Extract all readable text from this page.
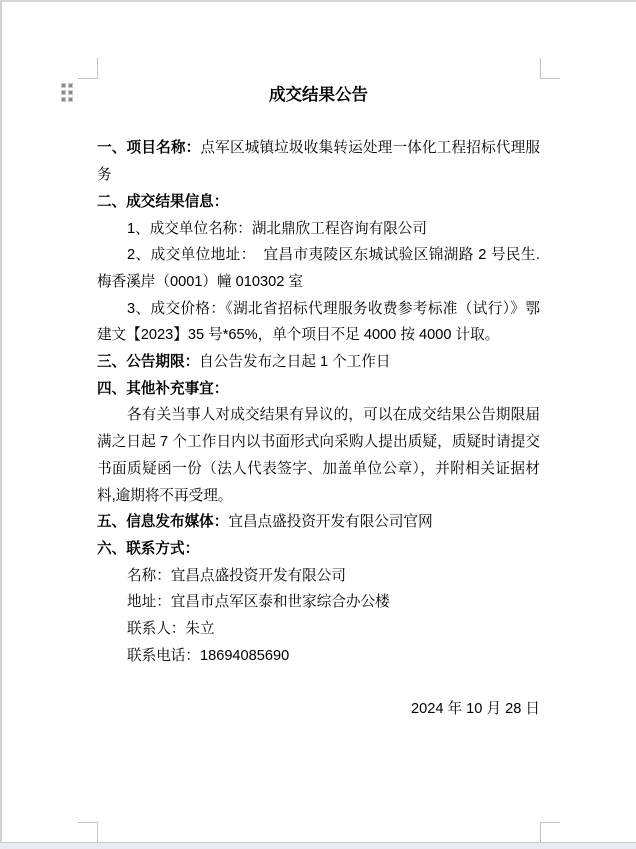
成交结果公告

一、项目名称：点军区城镇垃圾收集转运处理一体化工程招标代理服务

二、成交结果信息：

1、成交单位名称：湖北鼎欣工程咨询有限公司

2、成交单位地址：　宜昌市夷陵区东城试验区锦湖路 2 号民生.梅香溪岸（0001）幢 010302 室

3、成交价格：《湖北省招标代理服务收费参考标准（试行）》鄂建文【2023】35 号*65%，单个项目不足 4000 按 4000 计取。

三、公告期限：自公告发布之日起 1 个工作日

四、其他补充事宜：

各有关当事人对成交结果有异议的，可以在成交结果公告期限届满之日起 7 个工作日内以书面形式向采购人提出质疑，质疑时请提交书面质疑函一份（法人代表签字、加盖单位公章），并附相关证据材料,逾期将不再受理。

五、信息发布媒体：宜昌点盛投资开发有限公司官网

六、联系方式：

名称：宜昌点盛投资开发有限公司

地址：宜昌市点军区泰和世家综合办公楼

联系人：朱立

联系电话：18694085690

2024 年 10 月 28 日
